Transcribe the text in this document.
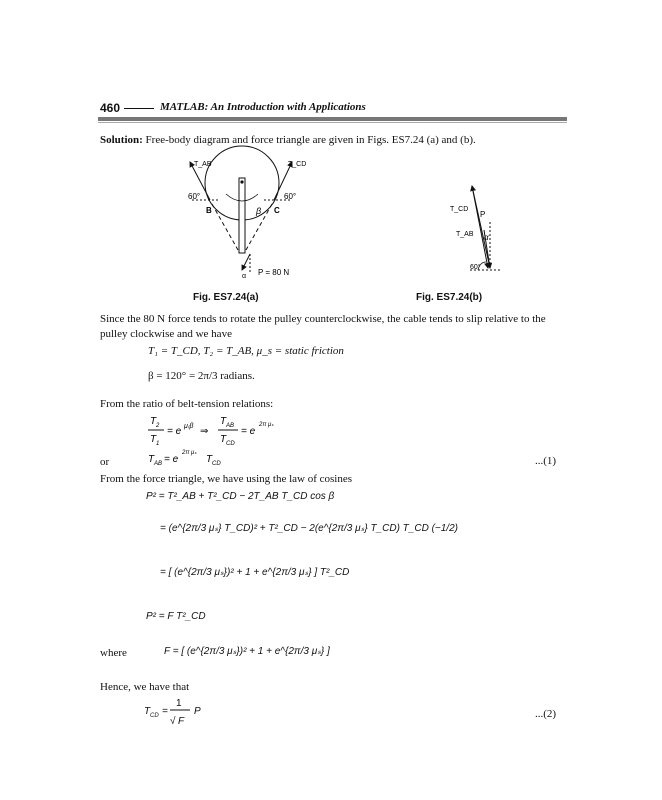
460	MATLAB: An Introduction with Applications
Solution: Free-body diagram and force triangle are given in Figs. ES7.24 (a) and (b).
T_AB	T_CD
60°	60°
B	β C
α P = 80 N
T_CD
P
T_AB α
60°
Fig. ES7.24(a)	Fig. ES7.24(b)
Since the 80 N force tends to rotate the pulley counterclockwise, the cable tends to slip relative to the
pulley clockwise and we have
T₁ = T_CD, T₂ = T_AB, μ_s = static friction
β = 120° = 2π/3 radians.
From the ratio of belt-tension relations:
T 2
T 1
= e μ₍β ⇒
T AB
T CD
= e
2π μₛ
or	T AB = e
2π μₛ
T CD	...(1)
From the force triangle, we have using the law of cosines
P² = T²_AB + T²_CD − 2T_AB T_CD cos β
= (e^{2π/3 μₛ} T_CD)² + T²_CD − 2(e^{2π/3 μₛ} T_CD) T_CD (−1/2)
= [ (e^{2π/3 μₛ})² + 1 + e^{2π/3 μₛ} ] T²_CD
P² = F T²_CD
where	F = [ (e^{2π/3 μₛ})² + 1 + e^{2π/3 μₛ} ]
Hence, we have that
T CD =
1
√ F
P	...(2)
